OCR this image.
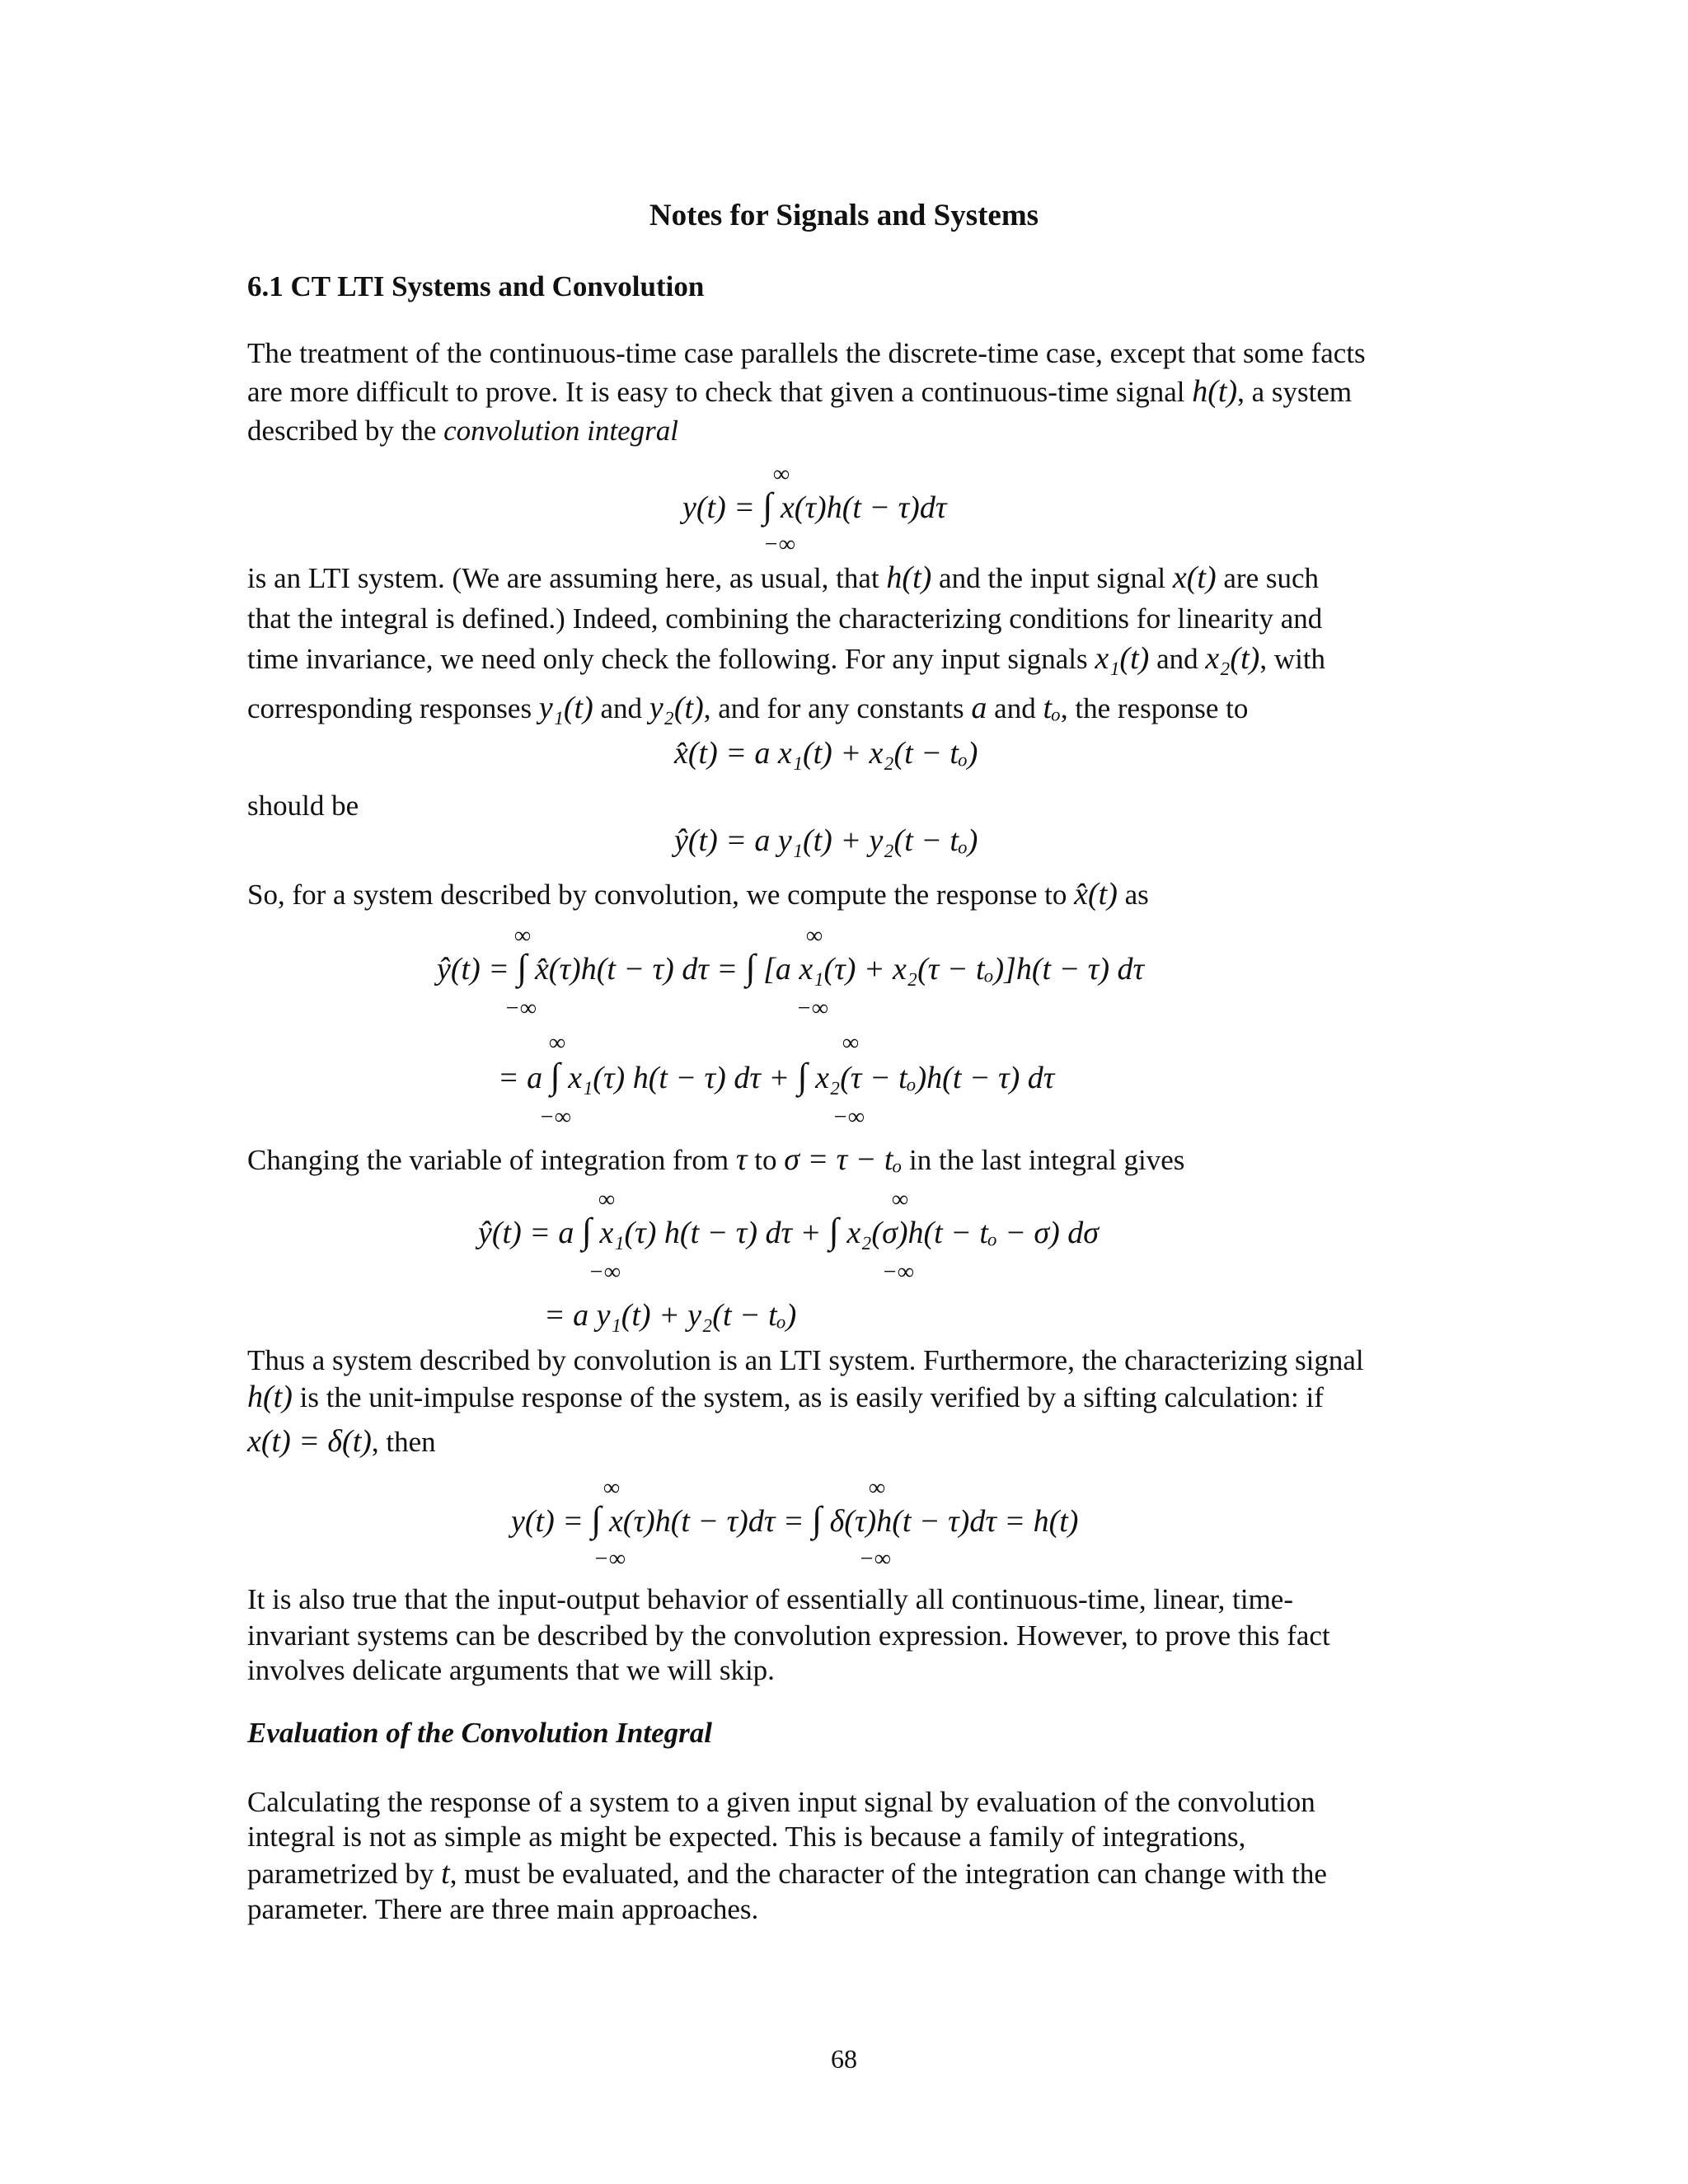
Notes for Signals and Systems
6.1 CT LTI Systems and Convolution
The treatment of the continuous-time case parallels the discrete-time case, except that some facts
are more difficult to prove. It is easy to check that given a continuous-time signal h(t), a system
described by the convolution integral
∞
y(t) = ∫ x(τ)h(t − τ)dτ
−∞
is an LTI system. (We are assuming here, as usual, that h(t) and the input signal x(t) are such
that the integral is defined.) Indeed, combining the characterizing conditions for linearity and
time invariance, we need only check the following. For any input signals x₁(t) and x₂(t), with
corresponding responses y₁(t) and y₂(t), and for any constants a and tₒ, the response to
x̂(t) = a x₁(t) + x₂(t − tₒ)
should be
ŷ(t) = a y₁(t) + y₂(t − tₒ)
So, for a system described by convolution, we compute the response to x̂(t) as
∞	∞
ŷ(t) = ∫ x̂(τ)h(t − τ) dτ = ∫ [a x₁(τ) + x₂(τ − tₒ)]h(t − τ) dτ
−∞	−∞
∞	∞
= a ∫ x₁(τ) h(t − τ) dτ + ∫ x₂(τ − tₒ)h(t − τ) dτ
−∞	−∞
Changing the variable of integration from τ to σ = τ − tₒ in the last integral gives
∞	∞
ŷ(t) = a ∫ x₁(τ) h(t − τ) dτ + ∫ x₂(σ)h(t − tₒ − σ) dσ
−∞	−∞
= a y₁(t) + y₂(t − tₒ)
Thus a system described by convolution is an LTI system. Furthermore, the characterizing signal
h(t) is the unit-impulse response of the system, as is easily verified by a sifting calculation: if
x(t) = δ(t), then
∞	∞
y(t) = ∫ x(τ)h(t − τ)dτ = ∫ δ(τ)h(t − τ)dτ = h(t)
−∞	−∞
It is also true that the input-output behavior of essentially all continuous-time, linear, time-
invariant systems can be described by the convolution expression. However, to prove this fact
involves delicate arguments that we will skip.
Evaluation of the Convolution Integral
Calculating the response of a system to a given input signal by evaluation of the convolution
integral is not as simple as might be expected. This is because a family of integrations,
parametrized by t, must be evaluated, and the character of the integration can change with the
parameter. There are three main approaches.
68
